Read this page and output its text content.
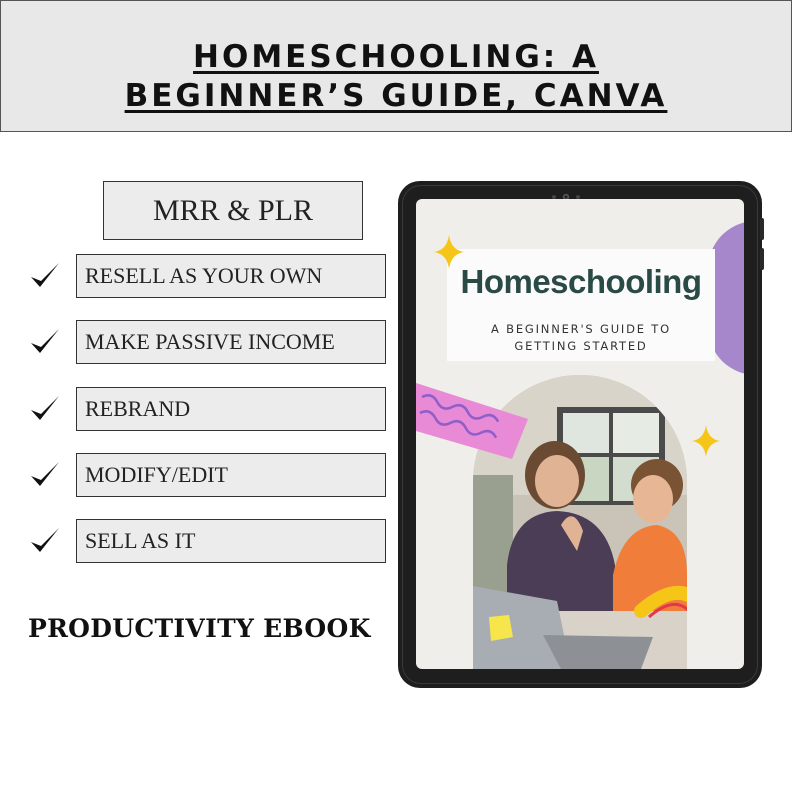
HOMESCHOOLING: A
BEGINNER’S GUIDE, CANVA
MRR & PLR
RESELL AS YOUR OWN
MAKE PASSIVE INCOME
REBRAND
MODIFY/EDIT
SELL AS IT
PRODUCTIVITY EBOOK
Homeschooling
A BEGINNER'S GUIDE TO
GETTING STARTED
